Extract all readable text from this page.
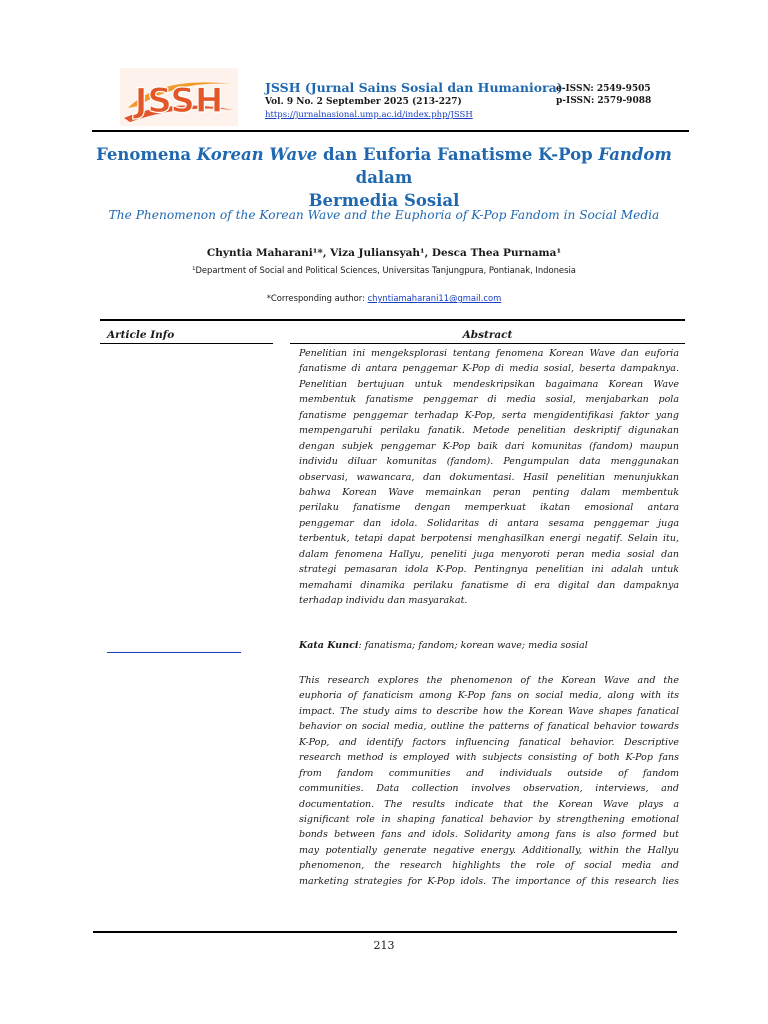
JSSH	JSSH (Jurnal Sains Sosial dan Humaniora)
Vol. 9 No. 2 September 2025 (213-227)
https://jurnalnasional.ump.ac.id/index.php/JSSH
e-ISSN: 2549-9505
p-ISSN: 2579-9088
Fenomena Korean Wave dan Euforia Fanatisme K-Pop Fandom dalam
Bermedia Sosial
The Phenomenon of the Korean Wave and the Euphoria of K-Pop Fandom in Social Media
Chyntia Maharani¹*, Viza Juliansyah¹, Desca Thea Purnama¹
¹Department of Social and Political Sciences, Universitas Tanjungpura, Pontianak, Indonesia
*Corresponding author: chyntiamaharani11@gmail.com
Article Info	Abstract
Penelitian ini mengeksplorasi tentang fenomena Korean Wave dan euforia
fanatisme di antara penggemar K-Pop di media sosial, beserta dampaknya.
Penelitian bertujuan untuk mendeskripsikan bagaimana Korean Wave
membentuk fanatisme penggemar di media sosial, menjabarkan pola
fanatisme penggemar terhadap K-Pop, serta mengidentifikasi faktor yang
mempengaruhi perilaku fanatik. Metode penelitian deskriptif digunakan
dengan subjek penggemar K-Pop baik dari komunitas (fandom) maupun
individu diluar komunitas (fandom). Pengumpulan data menggunakan
observasi, wawancara, dan dokumentasi. Hasil penelitian menunjukkan
bahwa Korean Wave memainkan peran penting dalam membentuk
perilaku fanatisme dengan memperkuat ikatan emosional antara
penggemar dan idola. Solidaritas di antara sesama penggemar juga
terbentuk, tetapi dapat berpotensi menghasilkan energi negatif. Selain itu,
dalam fenomena Hallyu, peneliti juga menyoroti peran media sosial dan
strategi pemasaran idola K-Pop. Pentingnya penelitian ini adalah untuk
memahami dinamika perilaku fanatisme di era digital dan dampaknya
terhadap individu dan masyarakat.
Kata Kunci: fanatisma; fandom; korean wave; media sosial
This research explores the phenomenon of the Korean Wave and the
euphoria of fanaticism among K-Pop fans on social media, along with its
impact. The study aims to describe how the Korean Wave shapes fanatical
behavior on social media, outline the patterns of fanatical behavior towards
K-Pop, and identify factors influencing fanatical behavior. Descriptive
research method is employed with subjects consisting of both K-Pop fans
from fandom communities and individuals outside of fandom
communities. Data collection involves observation, interviews, and
documentation. The results indicate that the Korean Wave plays a
significant role in shaping fanatical behavior by strengthening emotional
bonds between fans and idols. Solidarity among fans is also formed but
may potentially generate negative energy. Additionally, within the Hallyu
phenomenon, the research highlights the role of social media and
marketing strategies for K-Pop idols. The importance of this research lies
213
